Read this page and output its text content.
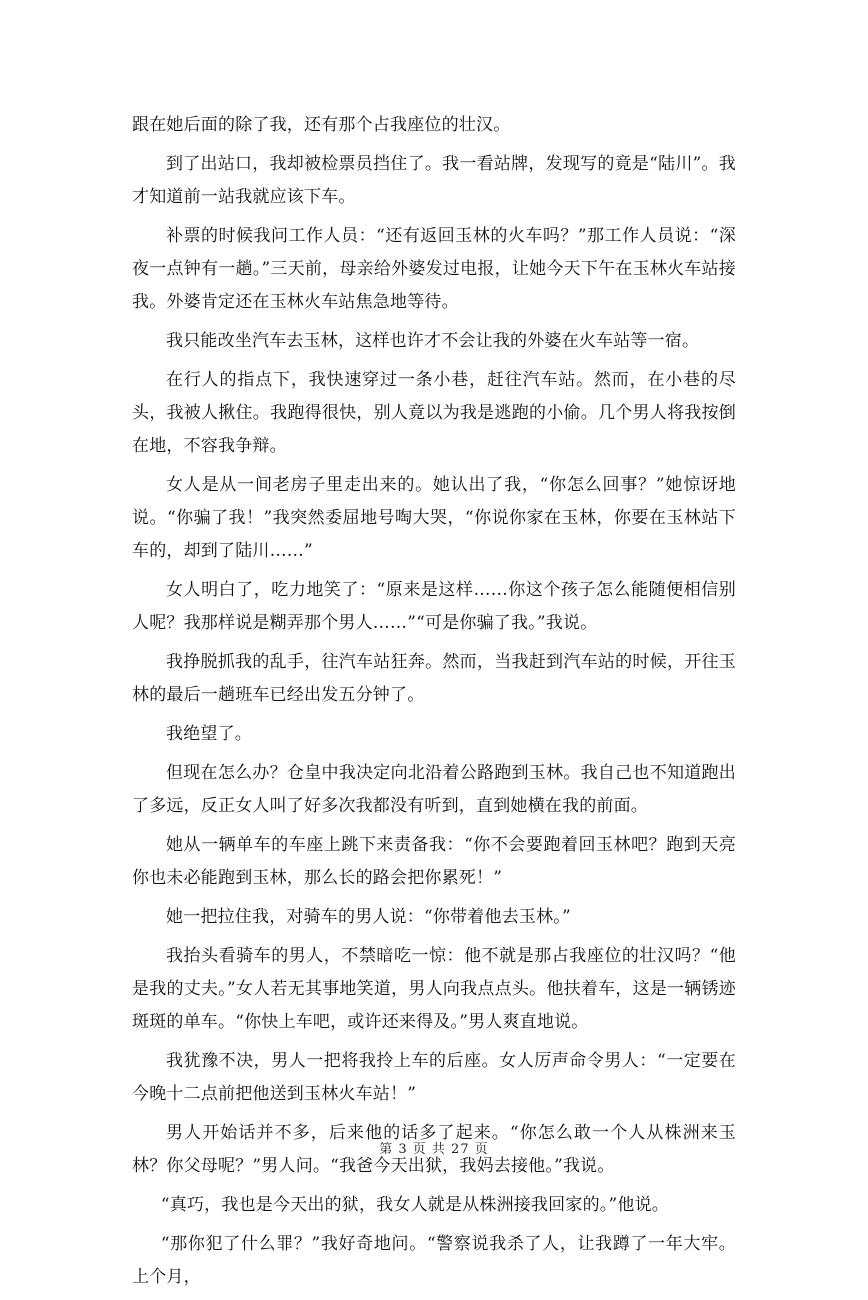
跟在她后面的除了我，还有那个占我座位的壮汉。

到了出站口，我却被检票员挡住了。我一看站牌，发现写的竟是“陆川”。我才知道前一站我就应该下车。

补票的时候我问工作人员：“还有返回玉林的火车吗？”那工作人员说：“深夜一点钟有一趟。”三天前，母亲给外婆发过电报，让她今天下午在玉林火车站接我。外婆肯定还在玉林火车站焦急地等待。

我只能改坐汽车去玉林，这样也许才不会让我的外婆在火车站等一宿。

在行人的指点下，我快速穿过一条小巷，赶往汽车站。然而，在小巷的尽头，我被人揪住。我跑得很快，别人竟以为我是逃跑的小偷。几个男人将我按倒在地，不容我争辩。

女人是从一间老房子里走出来的。她认出了我，“你怎么回事？”她惊讶地说。“你骗了我！”我突然委屈地号啕大哭，“你说你家在玉林，你要在玉林站下车的，却到了陆川……”

女人明白了，吃力地笑了：“原来是这样……你这个孩子怎么能随便相信别人呢？我那样说是糊弄那个男人……”“可是你骗了我。”我说。

我挣脱抓我的乱手，往汽车站狂奔。然而，当我赶到汽车站的时候，开往玉林的最后一趟班车已经出发五分钟了。

我绝望了。

但现在怎么办？仓皇中我决定向北沿着公路跑到玉林。我自己也不知道跑出了多远，反正女人叫了好多次我都没有听到，直到她横在我的前面。

她从一辆单车的车座上跳下来责备我：“你不会要跑着回玉林吧？跑到天亮你也未必能跑到玉林，那么长的路会把你累死！”

她一把拉住我，对骑车的男人说：“你带着他去玉林。”

我抬头看骑车的男人，不禁暗吃一惊：他不就是那占我座位的壮汉吗？“他是我的丈夫。”女人若无其事地笑道，男人向我点点头。他扶着车，这是一辆锈迹斑斑的单车。“你快上车吧，或许还来得及。”男人爽直地说。

我犹豫不决，男人一把将我拎上车的后座。女人厉声命令男人：“一定要在今晚十二点前把他送到玉林火车站！”

男人开始话并不多，后来他的话多了起来。“你怎么敢一个人从株洲来玉林？你父母呢？”男人问。“我爸今天出狱，我妈去接他。”我说。

“真巧，我也是今天出的狱，我女人就是从株洲接我回家的。”他说。

“那你犯了什么罪？”我好奇地问。“警察说我杀了人，让我蹲了一年大牢。上个月，

第 3 页 共 27 页
